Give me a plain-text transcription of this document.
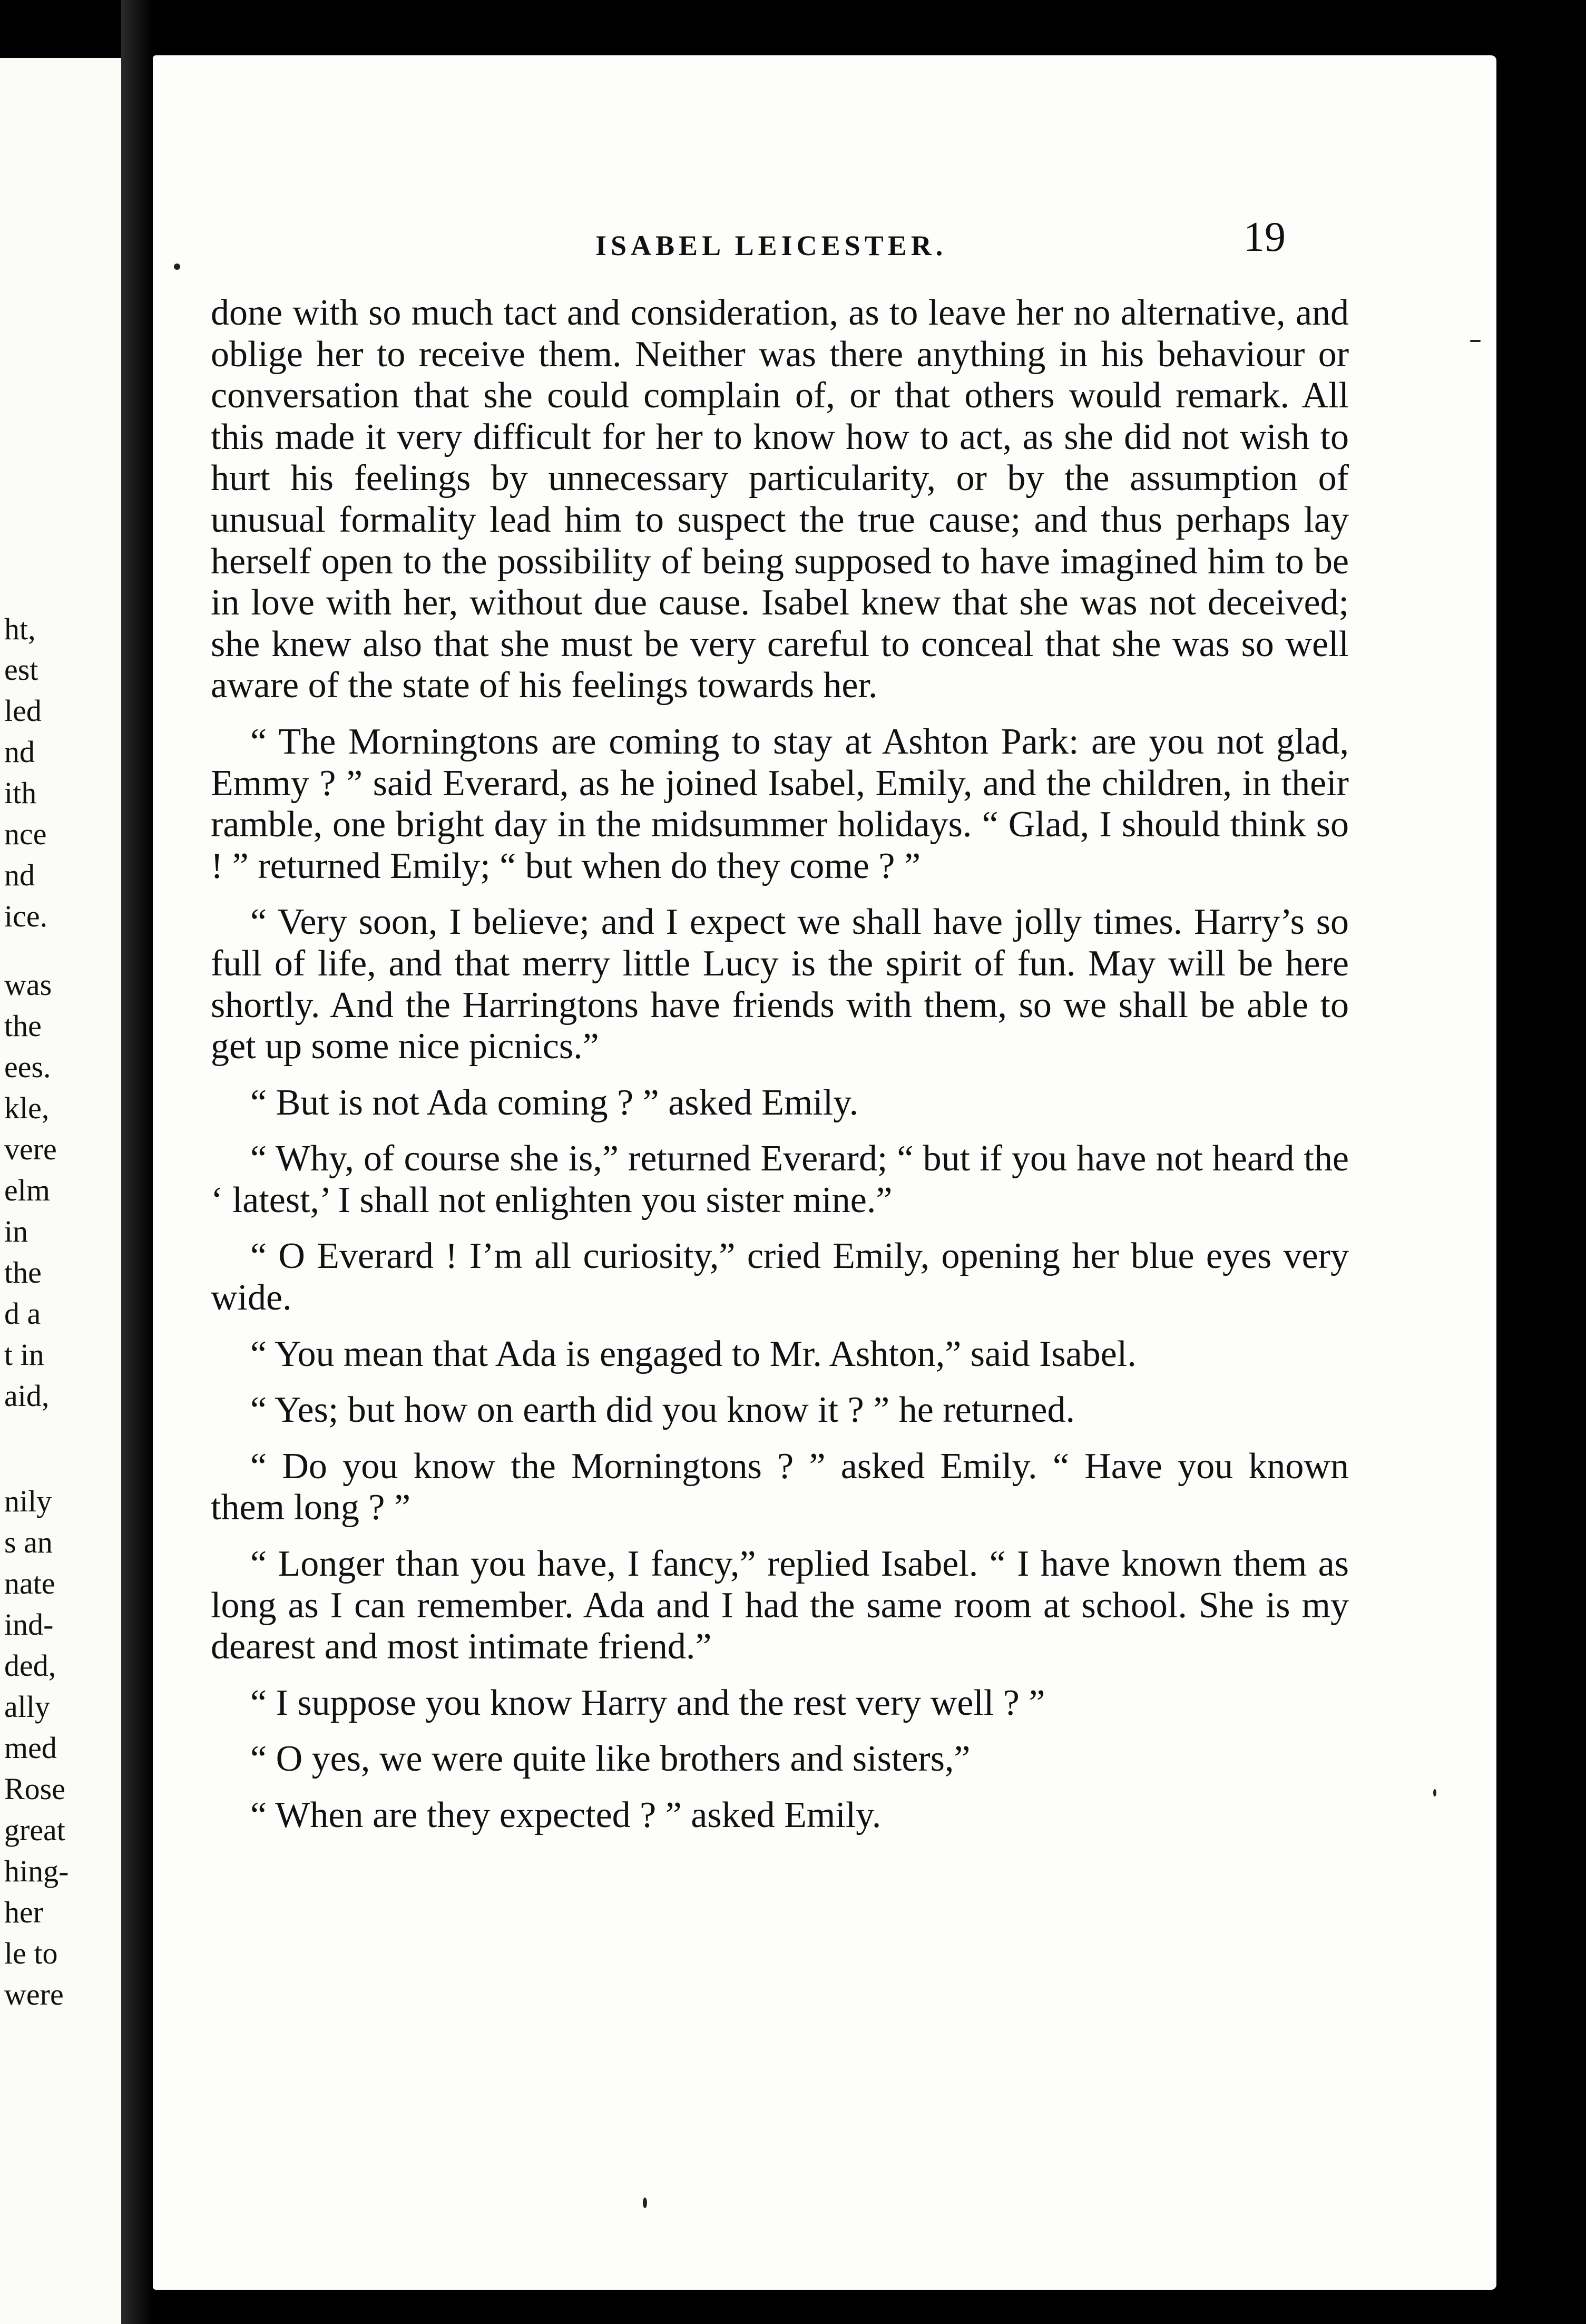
ht,

est

led

nd

ith

nce

nd

ice.

was

the

ees.

kle,

vere

elm

in

the

d a

t in

aid,

nily

s an

nate

ind-

ded,

ally

med

Rose

great

hing-

her

le to

were

ISABEL LEICESTER.	19

done with so much tact and consideration, as to leave her no alternative, and oblige her to receive them. Neither was there anything in his behaviour or conversation that she could complain of, or that others would remark. All this made it very difficult for her to know how to act, as she did not wish to hurt his feelings by unnecessary particularity, or by the assumption of unusual formality lead him to suspect the true cause; and thus perhaps lay herself open to the possibility of being supposed to have imagined him to be in love with her, without due cause. Isabel knew that she was not deceived; she knew also that she must be very careful to conceal that she was so well aware of the state of his feelings towards her.

“ The Morningtons are coming to stay at Ashton Park: are you not glad, Emmy ? ” said Everard, as he joined Isabel, Emily, and the children, in their ramble, one bright day in the midsummer holidays. “ Glad, I should think so ! ” returned Emily; “ but when do they come ? ”

“ Very soon, I believe; and I expect we shall have jolly times. Harry’s so full of life, and that merry little Lucy is the spirit of fun. May will be here shortly. And the Harringtons have friends with them, so we shall be able to get up some nice picnics.”

“ But is not Ada coming ? ” asked Emily.

“ Why, of course she is,” returned Everard; “ but if you have not heard the ‘ latest,’ I shall not enlighten you sister mine.”

“ O Everard ! I’m all curiosity,” cried Emily, opening her blue eyes very wide.

“ You mean that Ada is engaged to Mr. Ashton,” said Isabel.

“ Yes; but how on earth did you know it ? ” he returned.

“ Do you know the Morningtons ? ” asked Emily. “ Have you known them long ? ”

“ Longer than you have, I fancy,” replied Isabel. “ I have known them as long as I can remember. Ada and I had the same room at school. She is my dearest and most intimate friend.”

“ I suppose you know Harry and the rest very well ? ”

“ O yes, we were quite like brothers and sisters,”

“ When are they expected ? ” asked Emily.
